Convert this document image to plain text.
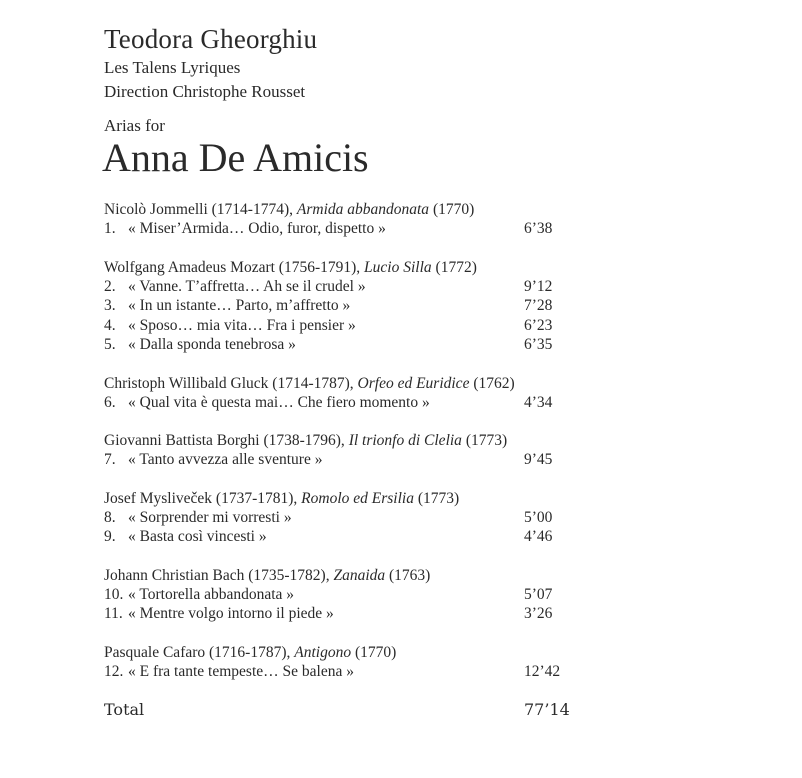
Teodora Gheorghiu
Les Talens Lyriques
Direction Christophe Rousset
Arias for
Anna De Amicis
Nicolò Jommelli (1714-1774), Armida abbandonata (1770)
1. « Miser’Armida… Odio, furor, dispetto »	6’38
Wolfgang Amadeus Mozart (1756-1791), Lucio Silla (1772)
2. « Vanne. T’affretta… Ah se il crudel »	9’12
3. « In un istante… Parto, m’affretto »	7’28
4. « Sposo… mia vita… Fra i pensier »	6’23
5. « Dalla sponda tenebrosa »	6’35
Christoph Willibald Gluck (1714-1787), Orfeo ed Euridice (1762)
6. « Qual vita è questa mai… Che fiero momento »	4’34
Giovanni Battista Borghi (1738-1796), Il trionfo di Clelia (1773)
7. « Tanto avvezza alle sventure »	9’45
Josef Mysliveček (1737-1781), Romolo ed Ersilia (1773)
8. « Sorprender mi vorresti »	5’00
9. « Basta così vincesti »	4’46
Johann Christian Bach (1735-1782), Zanaida (1763)
10. « Tortorella abbandonata »	5’07
11. « Mentre volgo intorno il piede »	3’26
Pasquale Cafaro (1716-1787), Antigono (1770)
12. « E fra tante tempeste… Se balena »	12’42
Total	77’14
